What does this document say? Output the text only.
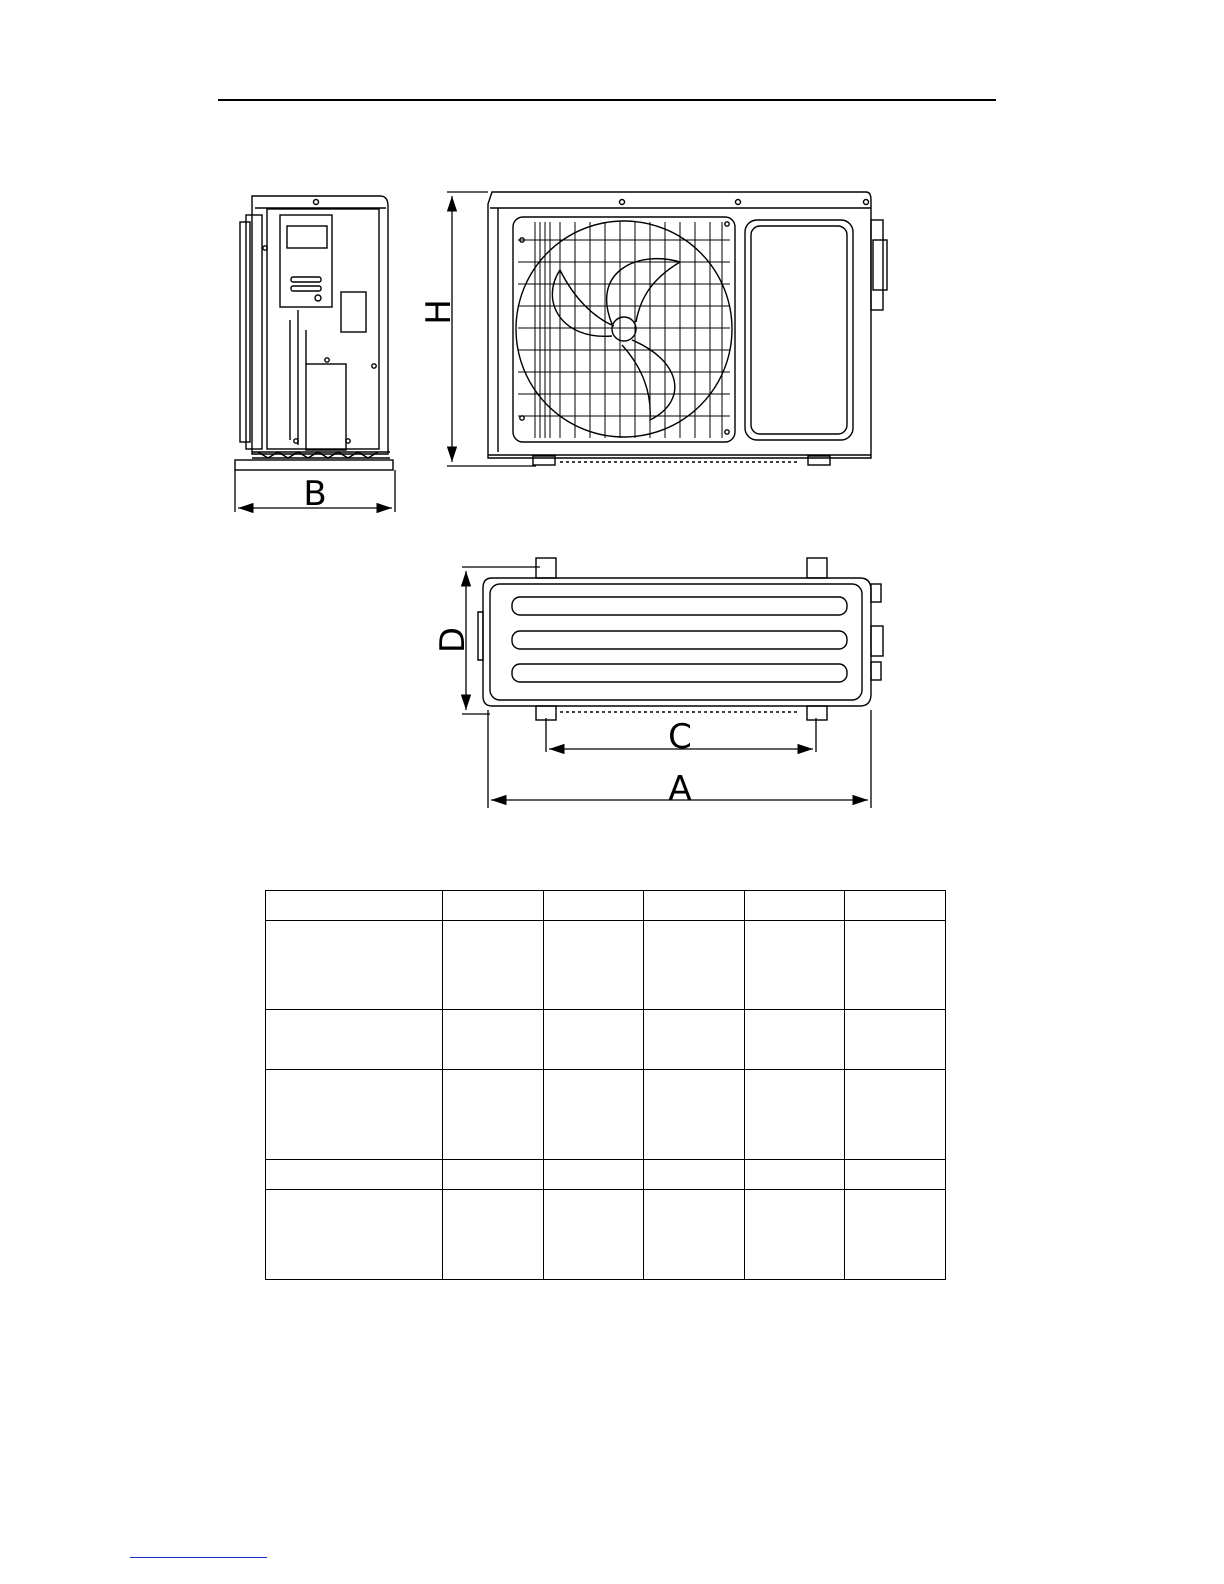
H
B
D
C
A
